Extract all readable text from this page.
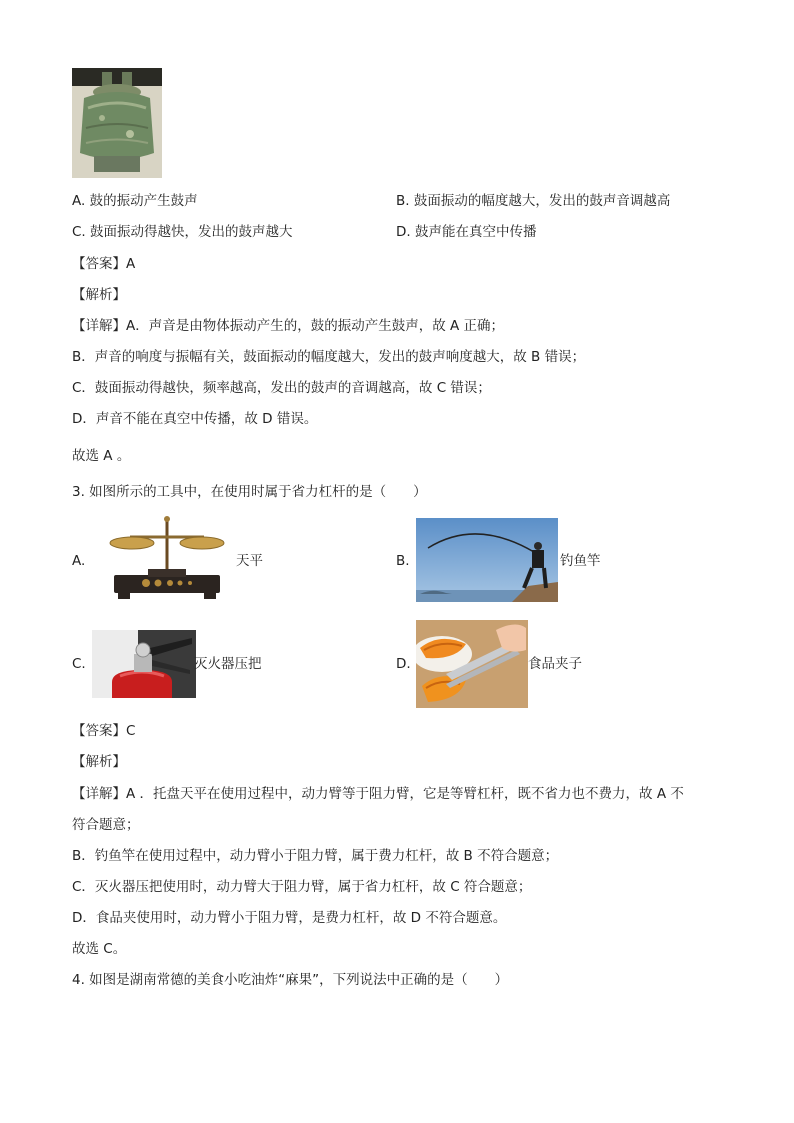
A. 鼓的振动产生鼓声	B. 鼓面振动的幅度越大，发出的鼓声音调越高
C. 鼓面振动得越快，发出的鼓声越大	D. 鼓声能在真空中传播
【答案】A
【解析】
【详解】A．声音是由物体振动产生的，鼓的振动产生鼓声，故 A 正确；
B．声音的响度与振幅有关，鼓面振动的幅度越大，发出的鼓声响度越大，故 B 错误；
C．鼓面振动得越快，频率越高，发出的鼓声的音调越高，故 C 错误；
D．声音不能在真空中传播，故 D 错误。
故选 A 。
3. 如图所示的工具中，在使用时属于省力杠杆的是（　　）
A.	天平	B.	钓鱼竿
C.	灭火器压把	D.	食品夹子
【答案】C
【解析】
【详解】A ．托盘天平在使用过程中，动力臂等于阻力臂，它是等臂杠杆，既不省力也不费力，故 A 不
符合题意；
B．钓鱼竿在使用过程中，动力臂小于阻力臂，属于费力杠杆，故 B 不符合题意；
C．灭火器压把使用时，动力臂大于阻力臂，属于省力杠杆，故 C 符合题意；
D．食品夹使用时，动力臂小于阻力臂，是费力杠杆，故 D 不符合题意。
故选 C。
4. 如图是湖南常德的美食小吃油炸“麻果”，下列说法中正确的是（　　）
